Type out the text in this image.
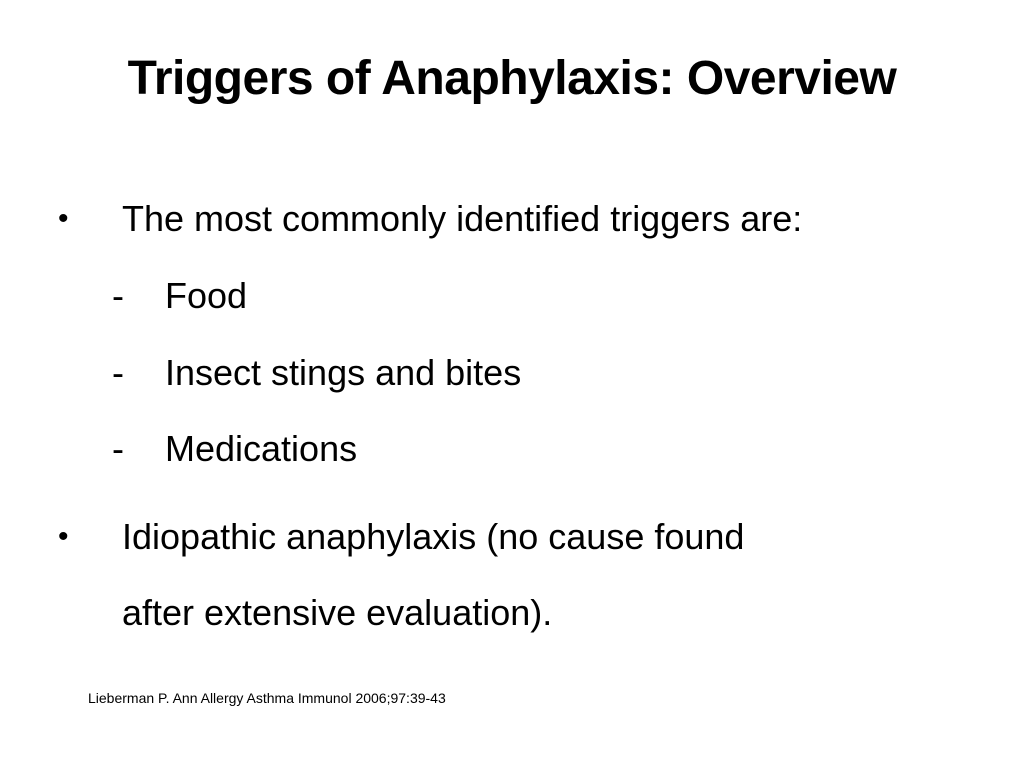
Triggers of Anaphylaxis: Overview
• The most commonly identified triggers are:
- Food
- Insect stings and bites
- Medications
• Idiopathic anaphylaxis (no cause found
after extensive evaluation).
Lieberman P. Ann Allergy Asthma Immunol 2006;97:39-43
